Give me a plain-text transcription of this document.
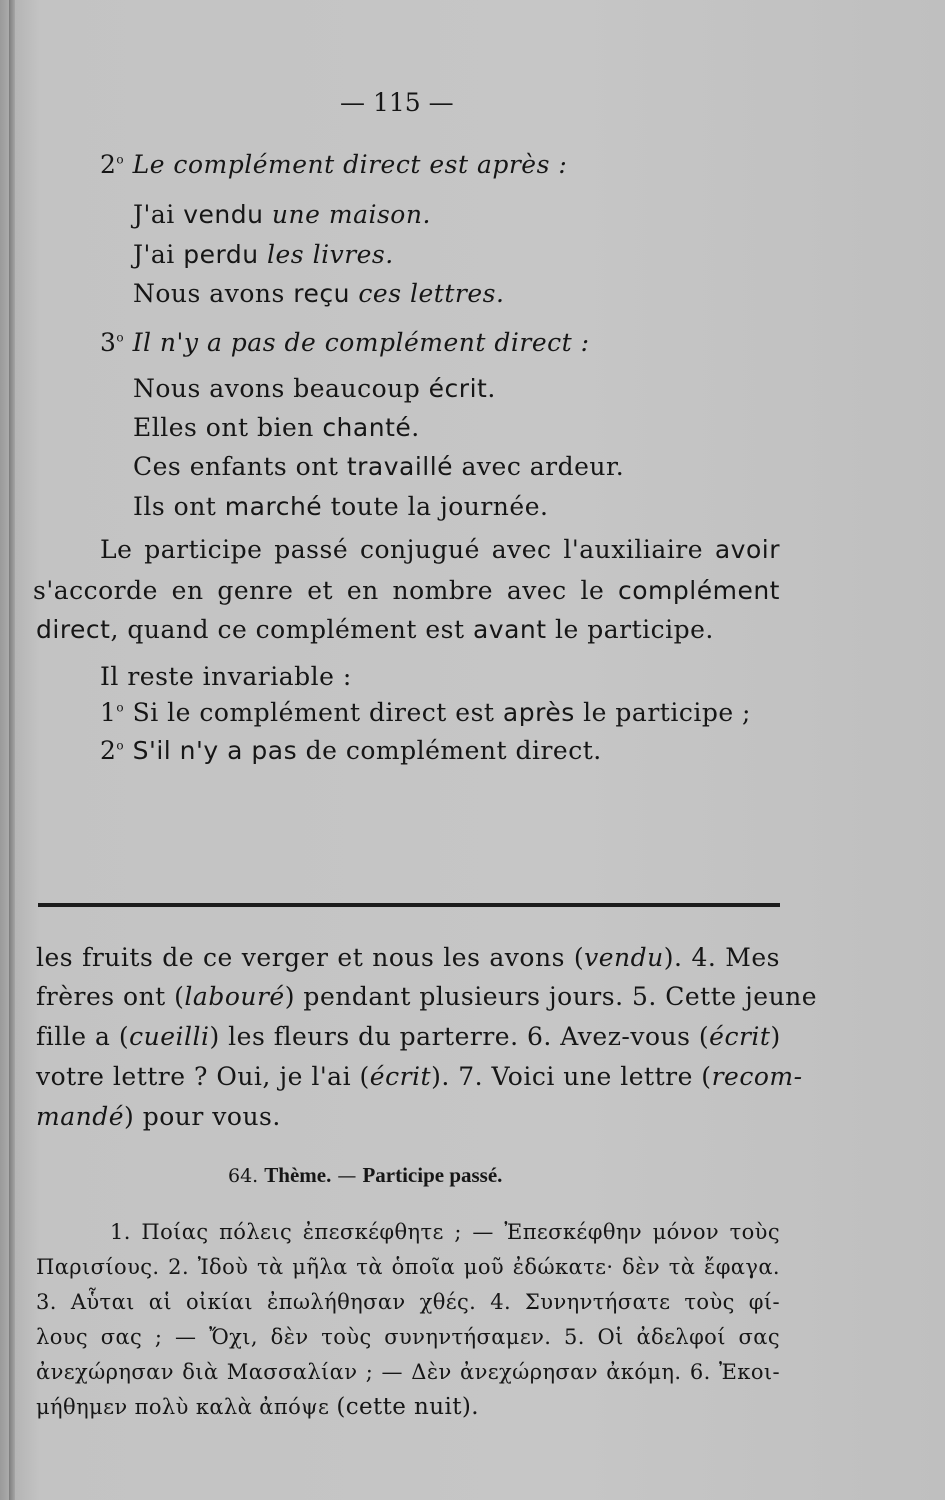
— 115 —
2$^o$ Le complément direct est après :
J'ai vendu une maison.
J'ai perdu les livres.
Nous avons reçu ces lettres.
3$^o$ Il n'y a pas de complément direct :
Nous avons beaucoup écrit.
Elles ont bien chanté.
Ces enfants ont travaillé avec ardeur.
Ils ont marché toute la journée.
Le participe passé conjugué avec l'auxiliaire avoir
s'accorde en genre et en nombre avec le complément
direct, quand ce complément est avant le participe.
Il reste invariable :
1$^o$ Si le complément direct est après le participe ;
2$^o$ S'il n'y a pas de complément direct.
les fruits de ce verger et nous les avons (vendu). 4. Mes
frères ont (labouré) pendant plusieurs jours. 5. Cette jeune
fille a (cueilli) les fleurs du parterre. 6. Avez-vous (écrit)
votre lettre ? Oui, je l'ai (écrit). 7. Voici une lettre (recom-
mandé) pour vous.
64. Thème. — Participe passé.
1. Ποίας πόλεις ἐπεσκέφθητε ; — Ἐπεσκέφθην μόνον τοὺς
Παρισίους. 2. Ἰδοὺ τὰ μῆλα τὰ ὁποῖα μοῦ ἐδώκατε· δὲν τὰ ἔφαγα.
3. Αὗται αἱ οἰκίαι ἐπωλήθησαν χθές. 4. Συνηντήσατε τοὺς φί-
λους σας ; — Ὄχι, δὲν τοὺς συνηντήσαμεν. 5. Οἱ ἀδελφοί σας
ἀνεχώρησαν διὰ Μασσαλίαν ; — Δὲν ἀνεχώρησαν ἀκόμη. 6. Ἐκοι-
μήθημεν πολὺ καλὰ ἀπόψε (cette nuit).
